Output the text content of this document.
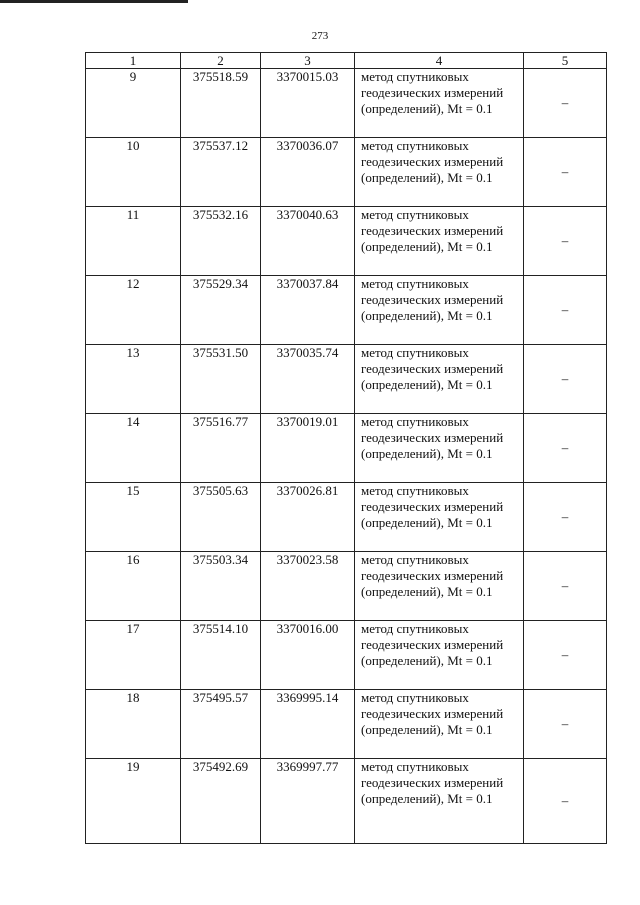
273
1	2	3	4	5
9	375518.59	3370015.03	метод спутниковых геодезических измерений (определений), Mt = 0.1	–
10	375537.12	3370036.07	метод спутниковых геодезических измерений (определений), Mt = 0.1	–
11	375532.16	3370040.63	метод спутниковых геодезических измерений (определений), Mt = 0.1	–
12	375529.34	3370037.84	метод спутниковых геодезических измерений (определений), Mt = 0.1	–
13	375531.50	3370035.74	метод спутниковых геодезических измерений (определений), Mt = 0.1	–
14	375516.77	3370019.01	метод спутниковых геодезических измерений (определений), Mt = 0.1	–
15	375505.63	3370026.81	метод спутниковых геодезических измерений (определений), Mt = 0.1	–
16	375503.34	3370023.58	метод спутниковых геодезических измерений (определений), Mt = 0.1	–
17	375514.10	3370016.00	метод спутниковых геодезических измерений (определений), Mt = 0.1	–
18	375495.57	3369995.14	метод спутниковых геодезических измерений (определений), Mt = 0.1	–
19	375492.69	3369997.77	метод спутниковых геодезических измерений (определений), Mt = 0.1	–
